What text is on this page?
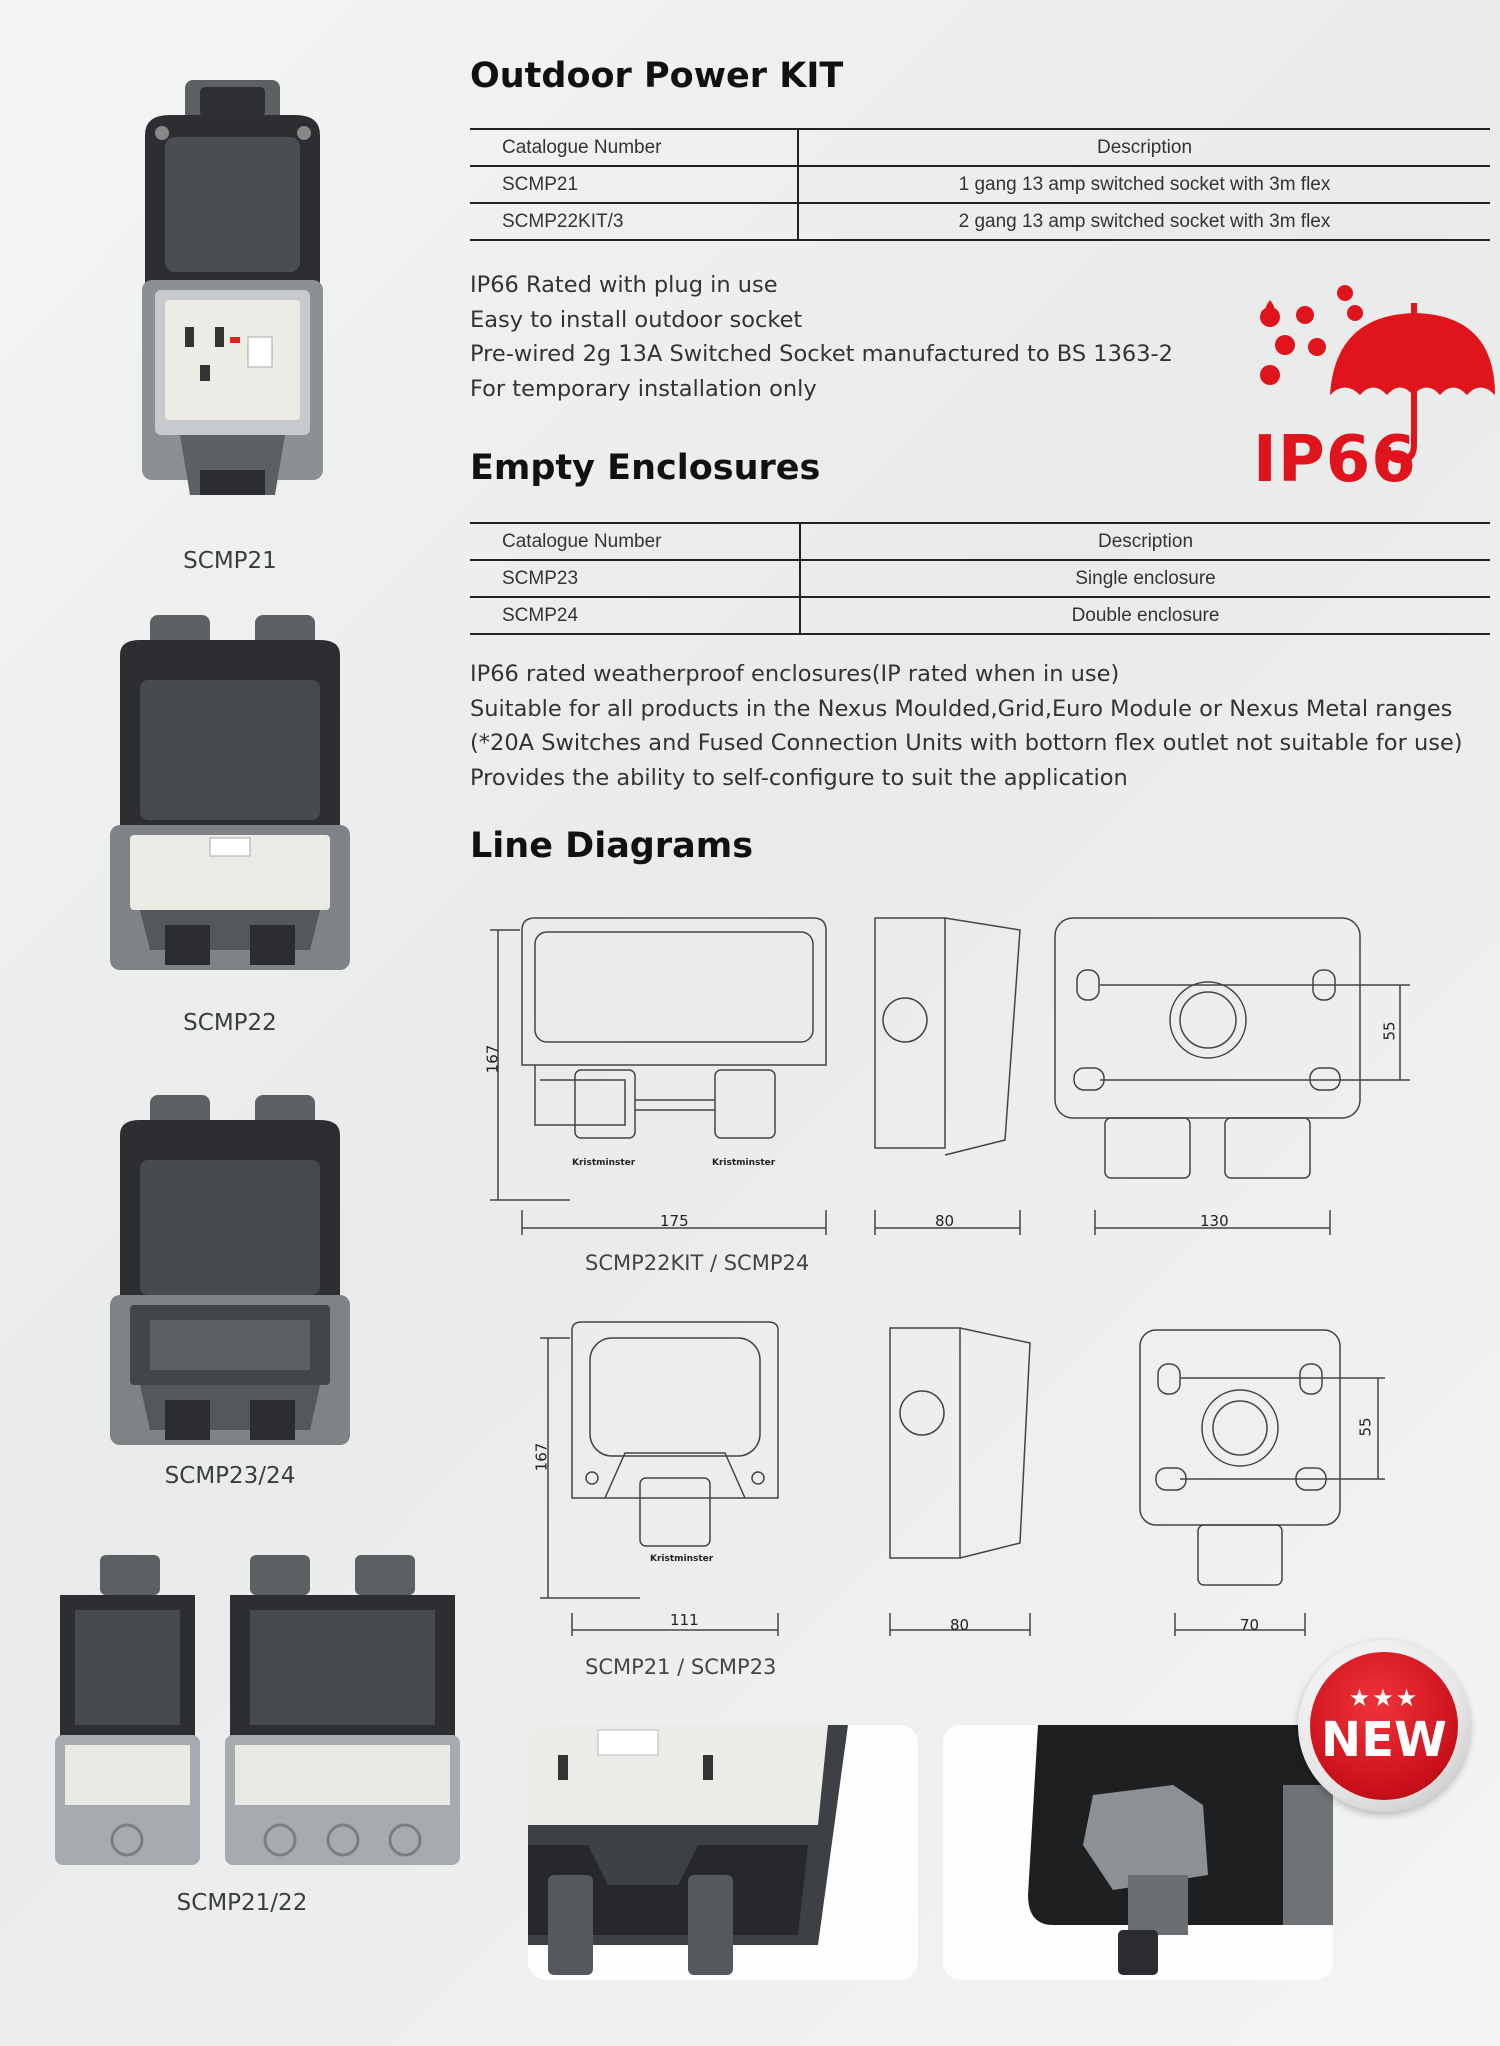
SCMP21
SCMP22
SCMP23/24
SCMP21/22
Outdoor Power KIT
Catalogue Number	Description
SCMP21	1 gang 13 amp switched socket with 3m flex
SCMP22KIT/3	2 gang 13 amp switched socket with 3m flex
IP66 Rated with plug in use
Easy to install outdoor socket
Pre-wired 2g 13A Switched Socket manufactured to BS 1363-2
For temporary installation only
IP66
Empty Enclosures
Catalogue Number	Description
SCMP23	Single enclosure
SCMP24	Double enclosure
IP66 rated weatherproof enclosures(IP rated when in use)
Suitable for all products in the Nexus Moulded,Grid,Euro Module or Nexus Metal ranges
(*20A Switches and Fused Connection Units with bottorn flex outlet not suitable for use)
Provides the ability to self-configure to suit the application
Line Diagrams
167
175	80	130
55
Kristminster	Kristminster
SCMP22KIT / SCMP24
167
111	80	70
55
Kristminster
SCMP21 / SCMP23
★★★
NEW
